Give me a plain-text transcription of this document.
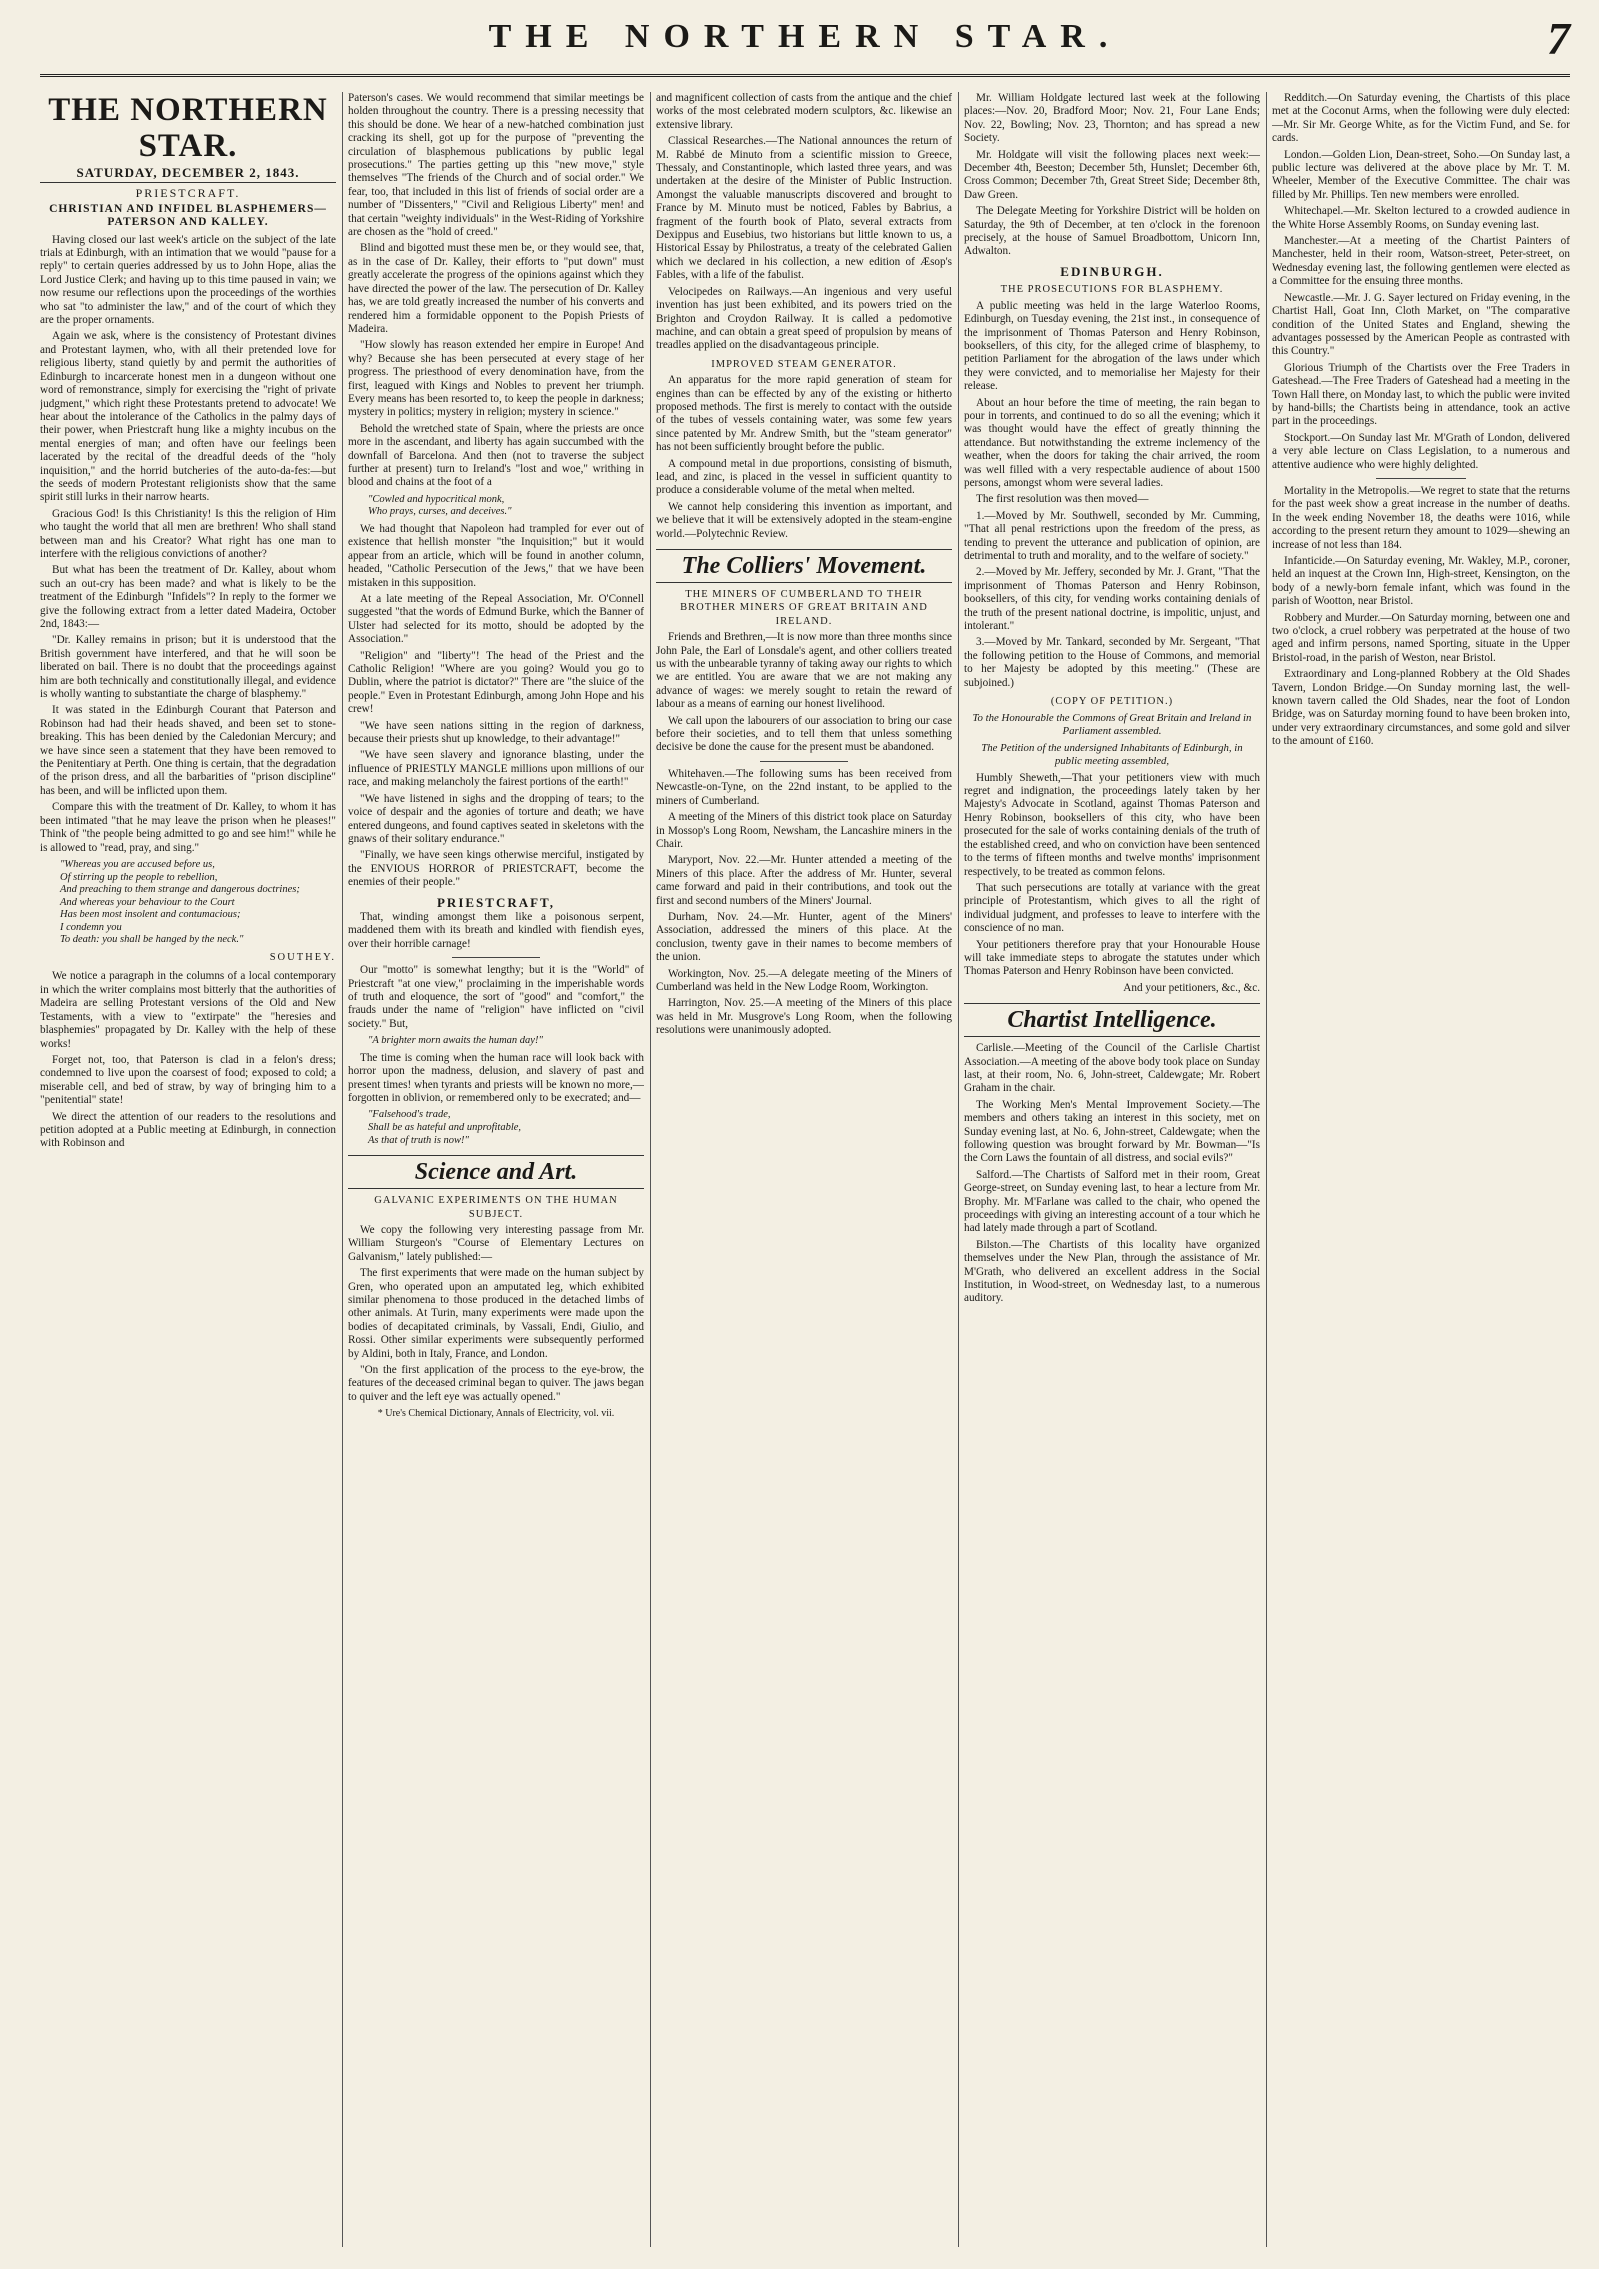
THE NORTHERN STAR.	7
THE NORTHERN STAR.
SATURDAY, DECEMBER 2, 1843.
PRIESTCRAFT.
CHRISTIAN AND INFIDEL BLASPHEMERS—PATERSON AND KALLEY.

Having closed our last week's article on the subject of the late trials at Edinburgh, with an intimation that we would "pause for a reply" to certain queries addressed by us to John Hope, alias the Lord Justice Clerk; and having up to this time paused in vain; we now resume our reflections upon the proceedings of the worthies who sat "to administer the law," and of the court of which they are the proper ornaments.

Again we ask, where is the consistency of Protestant divines and Protestant laymen, who, with all their pretended love for religious liberty, stand quietly by and permit the authorities of Edinburgh to incarcerate honest men in a dungeon without one word of remonstrance, simply for exercising the "right of private judgment," which right these Protestants pretend to advocate! We hear about the intolerance of the Catholics in the palmy days of their power, when Priestcraft hung like a mighty incubus on the mental energies of man; and often have our feelings been lacerated by the recital of the dreadful deeds of the "holy inquisition," and the horrid butcheries of the auto-da-fes:—but the seeds of modern Protestant religionists show that the same spirit still lurks in their narrow hearts.

Gracious God! Is this Christianity! Is this the religion of Him who taught the world that all men are brethren! Who shall stand between man and his Creator? What right has one man to interfere with the religious convictions of another?

But what has been the treatment of Dr. Kalley, about whom such an out-cry has been made? and what is likely to be the treatment of the Edinburgh "Infidels"? In reply to the former we give the following extract from a letter dated Madeira, October 2nd, 1843:—

"Dr. Kalley remains in prison; but it is understood that the British government have interfered, and that he will soon be liberated on bail. There is no doubt that the proceedings against him are both technically and constitutionally illegal, and evidence is wholly wanting to substantiate the charge of blasphemy."

It was stated in the Edinburgh Courant that Paterson and Robinson had had their heads shaved, and been set to stone-breaking. This has been denied by the Caledonian Mercury; and we have since seen a statement that they have been removed to the Penitentiary at Perth. One thing is certain, that the degradation of the prison dress, and all the barbarities of "prison discipline" has been, and will be inflicted upon them.

Compare this with the treatment of Dr. Kalley, to whom it has been intimated "that he may leave the prison when he pleases!" Think of "the people being admitted to go and see him!" while he is allowed to "read, pray, and sing."

"Whereas you are accused before us,
Of stirring up the people to rebellion,
And preaching to them strange and dangerous doctrines;
And whereas your behaviour to the Court
Has been most insolent and contumacious;
I condemn you
To death: you shall be hanged by the neck."
SOUTHEY.

We notice a paragraph in the columns of a local contemporary in which the writer complains most bitterly that the authorities of Madeira are selling Protestant versions of the Old and New Testaments, with a view to "extirpate" the "heresies and blasphemies" propagated by Dr. Kalley with the help of these works!

Forget not, too, that Paterson is clad in a felon's dress; condemned to live upon the coarsest of food; exposed to cold; a miserable cell, and bed of straw, by way of bringing him to a "penitential" state!

We direct the attention of our readers to the resolutions and petition adopted at a Public meeting at Edinburgh, in connection with Robinson and

Paterson's cases. We would recommend that similar meetings be holden throughout the country. There is a pressing necessity that this should be done. We hear of a new-hatched combination just cracking its shell, got up for the purpose of "preventing the circulation of blasphemous publications by public legal prosecutions." The parties getting up this "new move," style themselves "The friends of the Church and of social order." We fear, too, that included in this list of friends of social order are a number of "Dissenters," "Civil and Religious Liberty" men! and that certain "weighty individuals" in the West-Riding of Yorkshire are chosen as the "hold of creed."

Blind and bigotted must these men be, or they would see, that, as in the case of Dr. Kalley, their efforts to "put down" must greatly accelerate the progress of the opinions against which they have directed the power of the law. The persecution of Dr. Kalley has, we are told greatly increased the number of his converts and rendered him a formidable opponent to the Popish Priests of Madeira.

"How slowly has reason extended her empire in Europe! And why? Because she has been persecuted at every stage of her progress. The priesthood of every denomination have, from the first, leagued with Kings and Nobles to prevent her triumph. Every means has been resorted to, to keep the people in darkness; mystery in politics; mystery in religion; mystery in science."

Behold the wretched state of Spain, where the priests are once more in the ascendant, and liberty has again succumbed with the downfall of Barcelona. And then (not to traverse the subject further at present) turn to Ireland's "lost and woe," writhing in blood and chains at the foot of a

"Cowled and hypocritical monk,
Who prays, curses, and deceives."

We had thought that Napoleon had trampled for ever out of existence that hellish monster "the Inquisition;" but it would appear from an article, which will be found in another column, headed, "Catholic Persecution of the Jews," that we have been mistaken in this supposition.

At a late meeting of the Repeal Association, Mr. O'Connell suggested "that the words of Edmund Burke, which the Banner of Ulster had selected for its motto, should be adopted by the Association."

"Religion" and "liberty"! The head of the Priest and the Catholic Religion! "Where are you going? Would you go to Dublin, where the patriot is dictator?" There are "the sluice of the people." Even in Protestant Edinburgh, among John Hope and his crew!

"We have seen nations sitting in the region of darkness, because their priests shut up knowledge, to their advantage!"

"We have seen slavery and ignorance blasting, under the influence of PRIESTLY MANGLE millions upon millions of our race, and making melancholy the fairest portions of the earth!"

"We have listened in sighs and the dropping of tears; to the voice of despair and the agonies of torture and death; we have entered dungeons, and found captives seated in skeletons with the gnaws of their solitary endurance."

"Finally, we have seen kings otherwise merciful, instigated by the ENVIOUS HORROR of PRIESTCRAFT, become the enemies of their people."

PRIESTCRAFT,

That, winding amongst them like a poisonous serpent, maddened them with its breath and kindled with fiendish eyes, over their horrible carnage!

Our "motto" is somewhat lengthy; but it is the "World" of Priestcraft "at one view," proclaiming in the imperishable words of truth and eloquence, the sort of "good" and "comfort," the frauds under the name of "religion" have inflicted on "civil society." But,

"A brighter morn awaits the human day!"

The time is coming when the human race will look back with horror upon the madness, delusion, and slavery of past and present times! when tyrants and priests will be known no more,—forgotten in oblivion, or remembered only to be execrated; and—

"Falsehood's trade,
Shall be as hateful and unprofitable,
As that of truth is now!"
Science and Art.
GALVANIC EXPERIMENTS ON THE HUMAN SUBJECT.

We copy the following very interesting passage from Mr. William Sturgeon's "Course of Elementary Lectures on Galvanism," lately published:—

The first experiments that were made on the human subject by Gren, who operated upon an amputated leg, which exhibited similar phenomena to those produced in the detached limbs of other animals. At Turin, many experiments were made upon the bodies of decapitated criminals, by Vassali, Endi, Giulio, and Rossi. Other similar experiments were subsequently performed by Aldini, both in Italy, France, and London.

"On the first application of the process to the eye-brow, the features of the deceased criminal began to quiver. The jaws began to quiver and the left eye was actually opened."

* Ure's Chemical Dictionary, Annals of Electricity, vol. vii.

and magnificent collection of casts from the antique and the chief works of the most celebrated modern sculptors, &c. likewise an extensive library.

Classical Researches.—The National announces the return of M. Rabbé de Minuto from a scientific mission to Greece, Thessaly, and Constantinople, which lasted three years, and was undertaken at the desire of the Minister of Public Instruction. Amongst the valuable manuscripts discovered and brought to France by M. Minuto must be noticed, Fables by Babrius, a fragment of the fourth book of Plato, several extracts from Dexippus and Eusebius, two historians but little known to us, a Historical Essay by Philostratus, a treaty of the celebrated Galien which we declared in his collection, a new edition of Æsop's Fables, with a life of the fabulist.

Velocipedes on Railways.—An ingenious and very useful invention has just been exhibited, and its powers tried on the Brighton and Croydon Railway. It is called a pedomotive machine, and can obtain a great speed of propulsion by means of treadles applied on the disadvantageous principle.

IMPROVED STEAM GENERATOR.

An apparatus for the more rapid generation of steam for engines than can be effected by any of the existing or hitherto proposed methods. The first is merely to contact with the outside of the tubes of vessels containing water, was some few years since patented by Mr. Andrew Smith, but the "steam generator" has not been sufficiently brought before the public.

A compound metal in due proportions, consisting of bismuth, lead, and zinc, is placed in the vessel in sufficient quantity to produce a considerable volume of the metal when melted.

We cannot help considering this invention as important, and we believe that it will be extensively adopted in the steam-engine world.—Polytechnic Review.

The Colliers' Movement.
THE MINERS OF CUMBERLAND TO THEIR BROTHER MINERS OF GREAT BRITAIN AND IRELAND.

Friends and Brethren,—It is now more than three months since John Pale, the Earl of Lonsdale's agent, and other colliers treated us with the unbearable tyranny of taking away our rights to which we are entitled. You are aware that we are not making any advance of wages: we merely sought to retain the reward of labour as a means of earning our honest livelihood.

We call upon the labourers of our association to bring our case before their societies, and to tell them that unless something decisive be done the cause for the present must be abandoned.

Whitehaven.—The following sums has been received from Newcastle-on-Tyne, on the 22nd instant, to be applied to the miners of Cumberland.

A meeting of the Miners of this district took place on Saturday in Mossop's Long Room, Newsham, the Lancashire miners in the Chair.

Maryport, Nov. 22.—Mr. Hunter attended a meeting of the Miners of this place. After the address of Mr. Hunter, several came forward and paid in their contributions, and took out the first and second numbers of the Miners' Journal.

Durham, Nov. 24.—Mr. Hunter, agent of the Miners' Association, addressed the miners of this place. At the conclusion, twenty gave in their names to become members of the union.

Workington, Nov. 25.—A delegate meeting of the Miners of Cumberland was held in the New Lodge Room, Workington.

Harrington, Nov. 25.—A meeting of the Miners of this place was held in Mr. Musgrove's Long Room, when the following resolutions were unanimously adopted.

Mr. William Holdgate lectured last week at the following places:—Nov. 20, Bradford Moor; Nov. 21, Four Lane Ends; Nov. 22, Bowling; Nov. 23, Thornton; and has spread a new Society.

Mr. Holdgate will visit the following places next week:—December 4th, Beeston; December 5th, Hunslet; December 6th, Cross Common; December 7th, Great Street Side; December 8th, Daw Green.

The Delegate Meeting for Yorkshire District will be holden on Saturday, the 9th of December, at ten o'clock in the forenoon precisely, at the house of Samuel Broadbottom, Unicorn Inn, Adwalton.

EDINBURGH.
THE PROSECUTIONS FOR BLASPHEMY.

A public meeting was held in the large Waterloo Rooms, Edinburgh, on Tuesday evening, the 21st inst., in consequence of the imprisonment of Thomas Paterson and Henry Robinson, booksellers, of this city, for the alleged crime of blasphemy, to petition Parliament for the abrogation of the laws under which they were convicted, and to memorialise her Majesty for their release.

About an hour before the time of meeting, the rain began to pour in torrents, and continued to do so all the evening; which it was thought would have the effect of greatly thinning the attendance. But notwithstanding the extreme inclemency of the weather, when the doors for taking the chair arrived, the room was well filled with a very respectable audience of about 1500 persons, amongst whom were several ladies.

The first resolution was then moved—

1.—Moved by Mr. Southwell, seconded by Mr. Cumming, "That all penal restrictions upon the freedom of the press, as tending to prevent the utterance and publication of opinion, are detrimental to truth and morality, and to the welfare of society."

2.—Moved by Mr. Jeffery, seconded by Mr. J. Grant, "That the imprisonment of Thomas Paterson and Henry Robinson, booksellers, of this city, for vending works containing denials of the truth of the present national doctrine, is impolitic, unjust, and intolerant."

3.—Moved by Mr. Tankard, seconded by Mr. Sergeant, "That the following petition to the House of Commons, and memorial to her Majesty be adopted by this meeting." (These are subjoined.)

(COPY OF PETITION.)
To the Honourable the Commons of Great Britain and Ireland in Parliament assembled.
The Petition of the undersigned Inhabitants of Edinburgh, in public meeting assembled,

Humbly Sheweth,—That your petitioners view with much regret and indignation, the proceedings lately taken by her Majesty's Advocate in Scotland, against Thomas Paterson and Henry Robinson, booksellers of this city, who have been prosecuted for the sale of works containing denials of the truth of the established creed, and who on conviction have been sentenced to the terms of fifteen months and twelve months' imprisonment respectively, to be treated as common felons.

That such persecutions are totally at variance with the great principle of Protestantism, which gives to all the right of individual judgment, and professes to leave to interfere with the conscience of no man.

Your petitioners therefore pray that your Honourable House will take immediate steps to abrogate the statutes under which Thomas Paterson and Henry Robinson have been convicted.

And your petitioners, &c., &c.

Chartist Intelligence.

Carlisle.—Meeting of the Council of the Carlisle Chartist Association.—A meeting of the above body took place on Sunday last, at their room, No. 6, John-street, Caldewgate; Mr. Robert Graham in the chair.

The Working Men's Mental Improvement Society.—The members and others taking an interest in this society, met on Sunday evening last, at No. 6, John-street, Caldewgate; when the following question was brought forward by Mr. Bowman—"Is the Corn Laws the fountain of all distress, and social evils?"

Salford.—The Chartists of Salford met in their room, Great George-street, on Sunday evening last, to hear a lecture from Mr. Brophy. Mr. M'Farlane was called to the chair, who opened the proceedings with giving an interesting account of a tour which he had lately made through a part of Scotland.

Bilston.—The Chartists of this locality have organized themselves under the New Plan, through the assistance of Mr. M'Grath, who delivered an excellent address in the Social Institution, in Wood-street, on Wednesday last, to a numerous auditory.

Redditch.—On Saturday evening, the Chartists of this place met at the Coconut Arms, when the following were duly elected:—Mr. Sir Mr. George White, as for the Victim Fund, and Se. for cards.

London.—Golden Lion, Dean-street, Soho.—On Sunday last, a public lecture was delivered at the above place by Mr. T. M. Wheeler, Member of the Executive Committee. The chair was filled by Mr. Phillips. Ten new members were enrolled.

Whitechapel.—Mr. Skelton lectured to a crowded audience in the White Horse Assembly Rooms, on Sunday evening last.

Manchester.—At a meeting of the Chartist Painters of Manchester, held in their room, Watson-street, Peter-street, on Wednesday evening last, the following gentlemen were elected as a Committee for the ensuing three months.

Newcastle.—Mr. J. G. Sayer lectured on Friday evening, in the Chartist Hall, Goat Inn, Cloth Market, on "The comparative condition of the United States and England, shewing the advantages possessed by the American People as contrasted with this Country."

Glorious Triumph of the Chartists over the Free Traders in Gateshead.—The Free Traders of Gateshead had a meeting in the Town Hall there, on Monday last, to which the public were invited by hand-bills; the Chartists being in attendance, took an active part in the proceedings.

Stockport.—On Sunday last Mr. M'Grath of London, delivered a very able lecture on Class Legislation, to a numerous and attentive audience who were highly delighted.

Mortality in the Metropolis.—We regret to state that the returns for the past week show a great increase in the number of deaths. In the week ending November 18, the deaths were 1016, while according to the present return they amount to 1029—shewing an increase of not less than 184.

Infanticide.—On Saturday evening, Mr. Wakley, M.P., coroner, held an inquest at the Crown Inn, High-street, Kensington, on the body of a newly-born female infant, which was found in the parish of Wootton, near Bristol.

Robbery and Murder.—On Saturday morning, between one and two o'clock, a cruel robbery was perpetrated at the house of two aged and infirm persons, named Sporting, situate in the Upper Bristol-road, in the parish of Weston, near Bristol.

Extraordinary and Long-planned Robbery at the Old Shades Tavern, London Bridge.—On Sunday morning last, the well-known tavern called the Old Shades, near the foot of London Bridge, was on Saturday morning found to have been broken into, under very extraordinary circumstances, and some gold and silver to the amount of £160.
